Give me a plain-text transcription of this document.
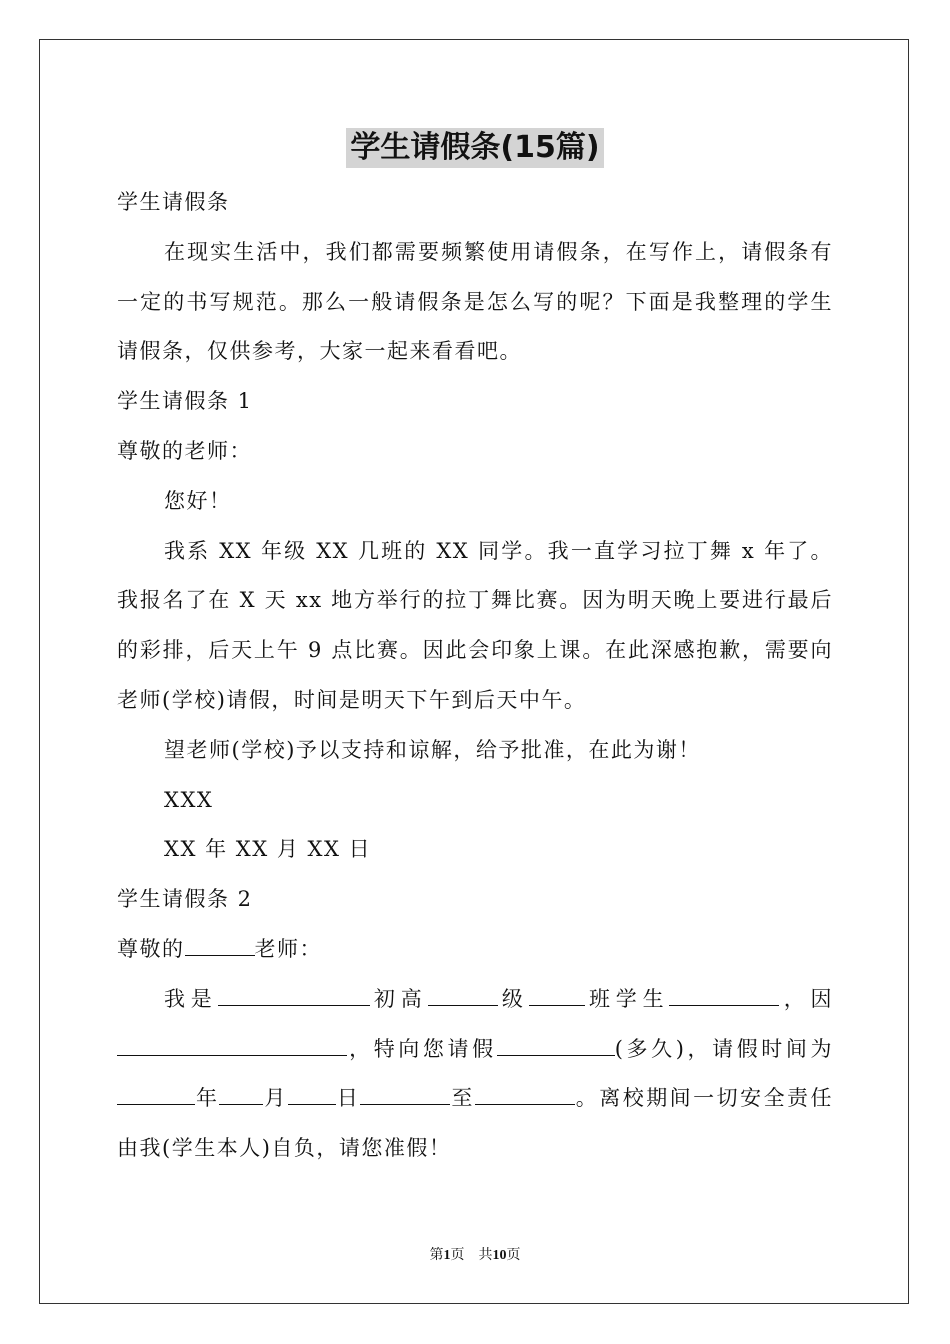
学生请假条(15篇)

学生请假条

在现实生活中，我们都需要频繁使用请假条，在写作上，请假条有一定的书写规范。那么一般请假条是怎么写的呢？下面是我整理的学生请假条，仅供参考，大家一起来看看吧。

学生请假条 1

尊敬的老师：

您好！

我系 XX 年级 XX 几班的 XX 同学。我一直学习拉丁舞 x 年了。我报名了在 X 天 xx 地方举行的拉丁舞比赛。因为明天晚上要进行最后的彩排，后天上午 9 点比赛。因此会印象上课。在此深感抱歉，需要向老师(学校)请假，时间是明天下午到后天中午。

望老师(学校)予以支持和谅解，给予批准，在此为谢！

XXX

XX 年 XX 月 XX 日

学生请假条 2

尊敬的	老师：

我是	初高	级	班学生	，因，特向您请假	(多久)，请假时间为年 月 日	至	。离校期间一切安全责任由我(学生本人)自负，请您准假！

第1页　共10页
